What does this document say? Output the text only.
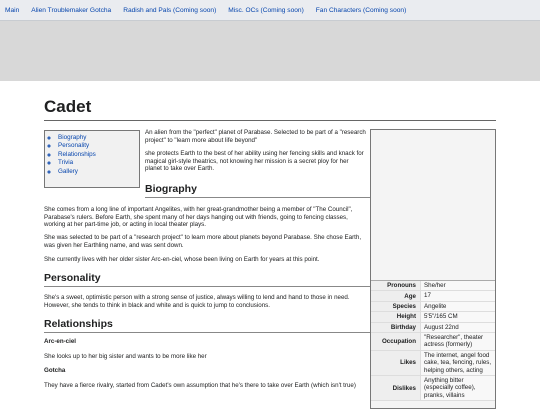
Main Alien Troublemaker Gotcha Radish and Pals (Coming soon) Misc. OCs (Coming soon) Fan Characters (Coming soon)
Cadet
◦ Biography
◦ Personality
◦ Relationships
◦ Trivia
◦ Gallery

An alien from the "perfect" planet of Parabase. Selected to be part of a "research project" to "learn more about life beyond"

she protects Earth to the best of her ability using her fencing skills and knack for magical girl-style theatrics, not knowing her mission is a secret ploy for her planet to take over Earth.

Biography
She comes from a long line of important Angelites, with her great-grandmother being a member of "The Council", Parabase's rulers. Before Earth, she spent many of her days hanging out with friends, going to fencing classes, working at her part-time job, or acting in local theater plays.
She was selected to be part of a "research project" to learn more about planets beyond Parabase. She chose Earth, was given her Earthling name, and was sent down.
She currently lives with her older sister Arc-en-ciel, whose been living on Earth for years at this point.
Personality
She's a sweet, optimistic person with a strong sense of justice, always willing to lend and hand to those in need. However, she tends to think in black and white and is quick to jump to conclusions.
Relationships
Arc-en-ciel
She looks up to her big sister and wants to be more like her
Gotcha
They have a fierce rivalry, started from Cadet's own assumption that he's there to take over Earth (which isn't true)
Pronouns	She/her
Age	17
Species	Angelite
Height	5'5"/165 CM
Birthday	August 22nd
Occupation	"Researcher", theater actress (formerly)
Likes	The internet, angel food cake, tea, fencing, rules, helping others, acting
Dislikes	Anything bitter (especially coffee), pranks, villains
